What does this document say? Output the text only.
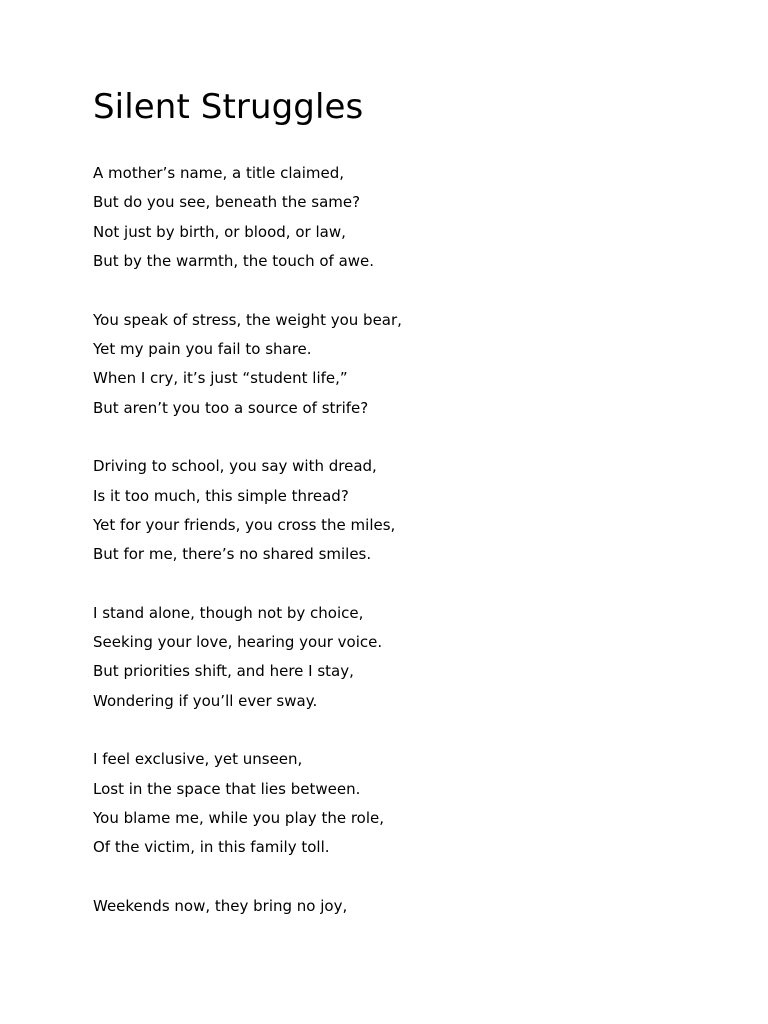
Silent Struggles
A mother’s name, a title claimed,
But do you see, beneath the same?
Not just by birth, or blood, or law,
But by the warmth, the touch of awe.
You speak of stress, the weight you bear,
Yet my pain you fail to share.
When I cry, it’s just “student life,”
But aren’t you too a source of strife?
Driving to school, you say with dread,
Is it too much, this simple thread?
Yet for your friends, you cross the miles,
But for me, there’s no shared smiles.
I stand alone, though not by choice,
Seeking your love, hearing your voice.
But priorities shift, and here I stay,
Wondering if you’ll ever sway.
I feel exclusive, yet unseen,
Lost in the space that lies between.
You blame me, while you play the role,
Of the victim, in this family toll.
Weekends now, they bring no joy,
